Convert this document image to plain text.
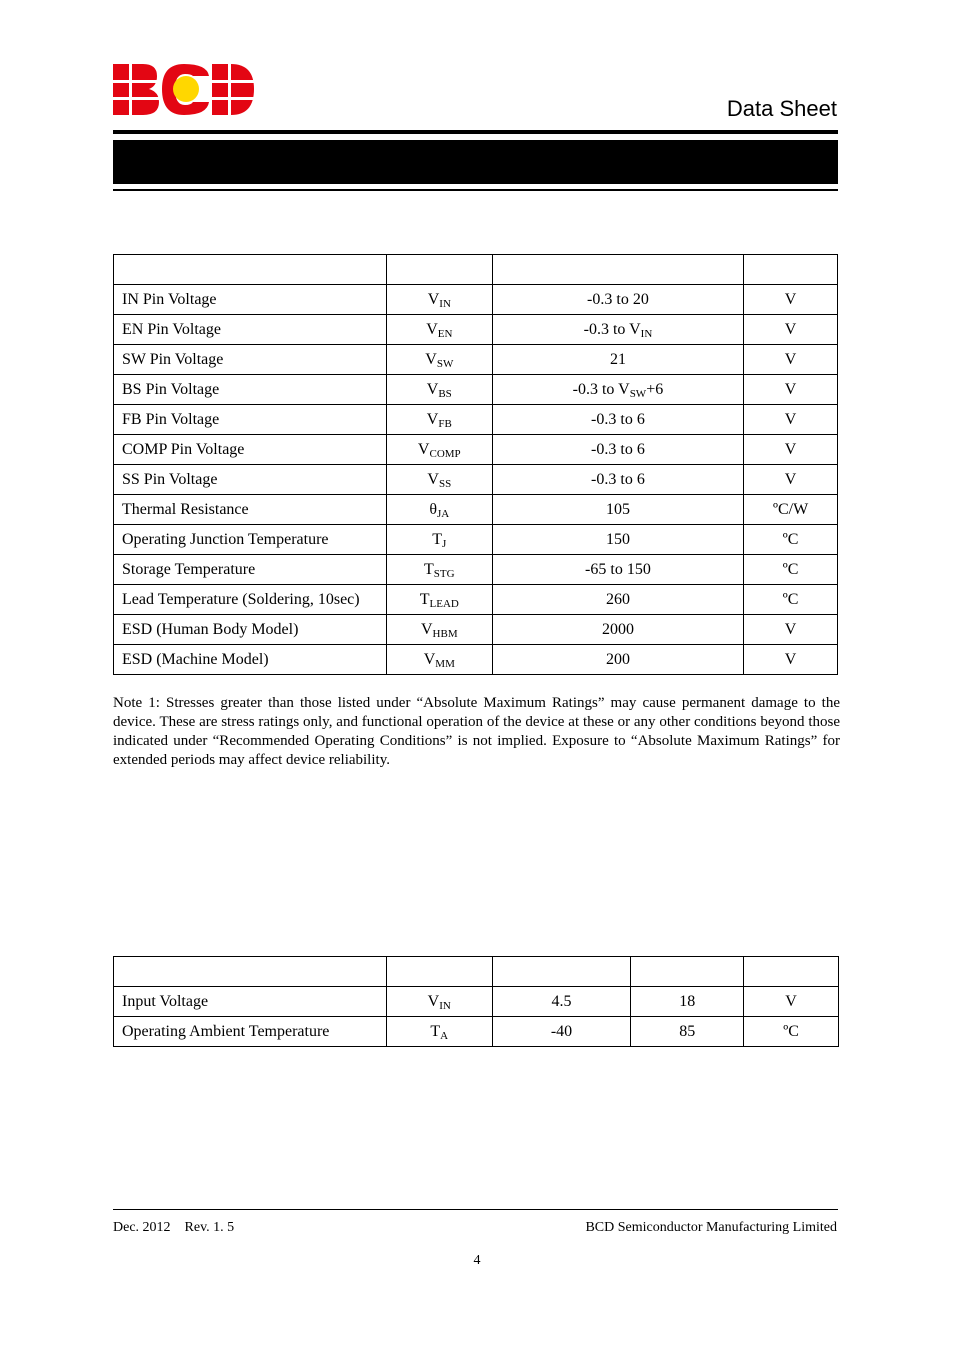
Data Sheet

IN Pin Voltage	$V_{IN}$	-0.3 to 20	V
EN Pin Voltage	$V_{EN}$	-0.3 to $V_{IN}$	V
SW Pin Voltage	$V_{SW}$	21	V
BS Pin Voltage	$V_{BS}$	-0.3 to $V_{SW}+6$	V
FB Pin Voltage	$V_{FB}$	-0.3 to 6	V
COMP Pin Voltage	$V_{COMP}$	-0.3 to 6	V
SS Pin Voltage	$V_{SS}$	-0.3 to 6	V
Thermal Resistance	$\theta_{JA}$	105	ºC/W
Operating Junction Temperature	$T_J$	150	ºC
Storage Temperature	$T_{STG}$	-65 to 150	ºC
Lead Temperature (Soldering, 10sec)	$T_{LEAD}$	260	ºC
ESD (Human Body Model)	$V_{HBM}$	2000	V
ESD (Machine Model)	$V_{MM}$	200	V
Note 1: Stresses greater than those listed under “Absolute Maximum Ratings” may cause permanent damage to the device. These are stress ratings only, and functional operation of the device at these or any other conditions beyond those indicated under “Recommended Operating Conditions” is not implied. Exposure to “Absolute Maximum Ratings” for extended periods may affect device reliability.

Input Voltage	$V_{IN}$	4.5	18	V
Operating Ambient Temperature	$T_A$	-40	85	ºC
Dec. 2012    Rev. 1. 5	BCD Semiconductor Manufacturing Limited
4
